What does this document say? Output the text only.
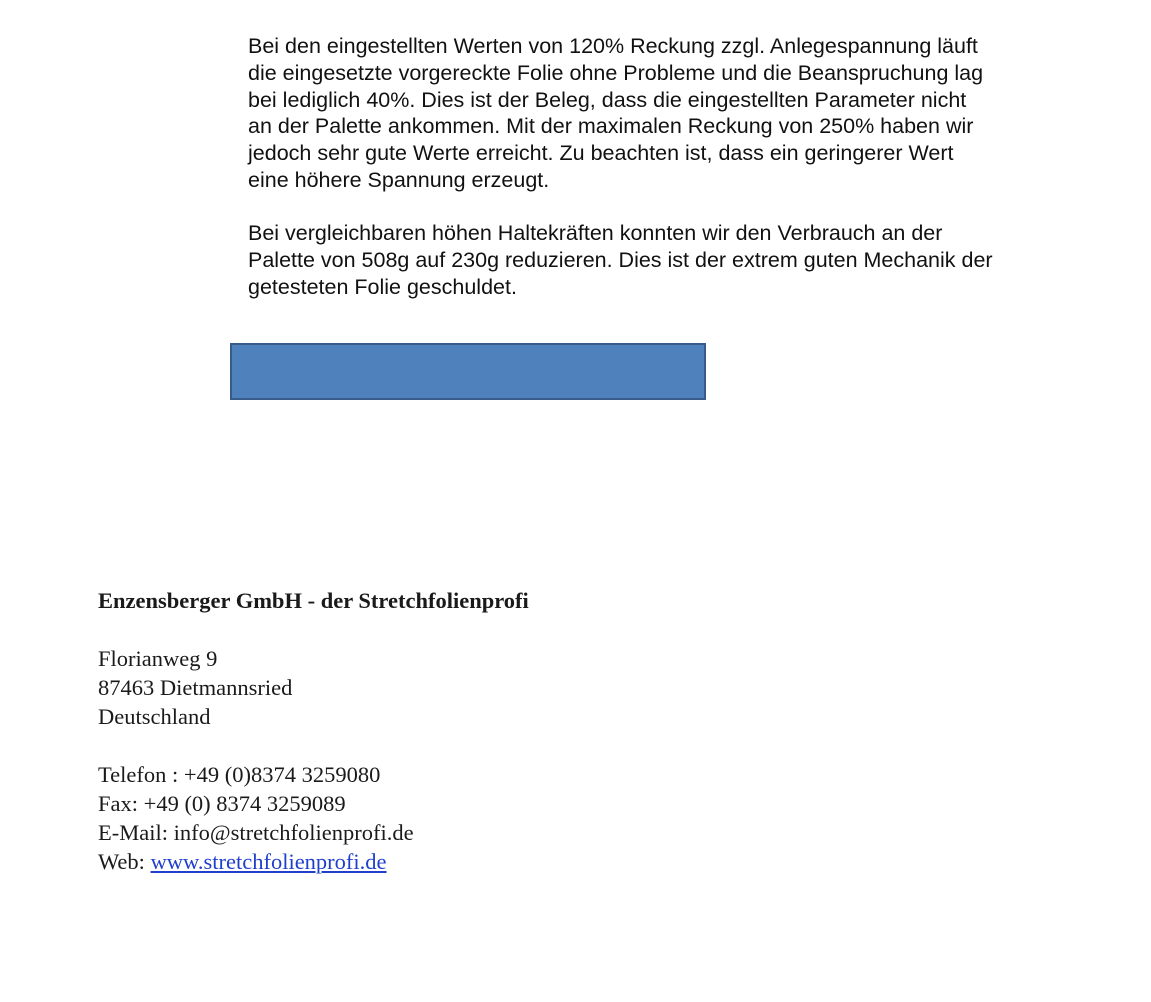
Bei den eingestellten Werten von 120% Reckung zzgl. Anlegespannung läuft
die eingesetzte vorgereckte Folie ohne Probleme und die Beanspruchung lag
bei lediglich 40%. Dies ist der Beleg, dass die eingestellten Parameter nicht
an der Palette ankommen. Mit der maximalen Reckung von 250% haben wir
jedoch sehr gute Werte erreicht. Zu beachten ist, dass ein geringerer Wert
eine höhere Spannung erzeugt.
Bei vergleichbaren höhen Haltekräften konnten wir den Verbrauch an der
Palette von 508g auf 230g reduzieren. Dies ist der extrem guten Mechanik der
getesteten Folie geschuldet.
Enzensberger GmbH - der Stretchfolienprofi
Florianweg 9
87463 Dietmannsried
Deutschland
Telefon : +49 (0)8374 3259080
Fax: +49 (0) 8374 3259089
E-Mail: info@stretchfolienprofi.de
Web: www.stretchfolienprofi.de
